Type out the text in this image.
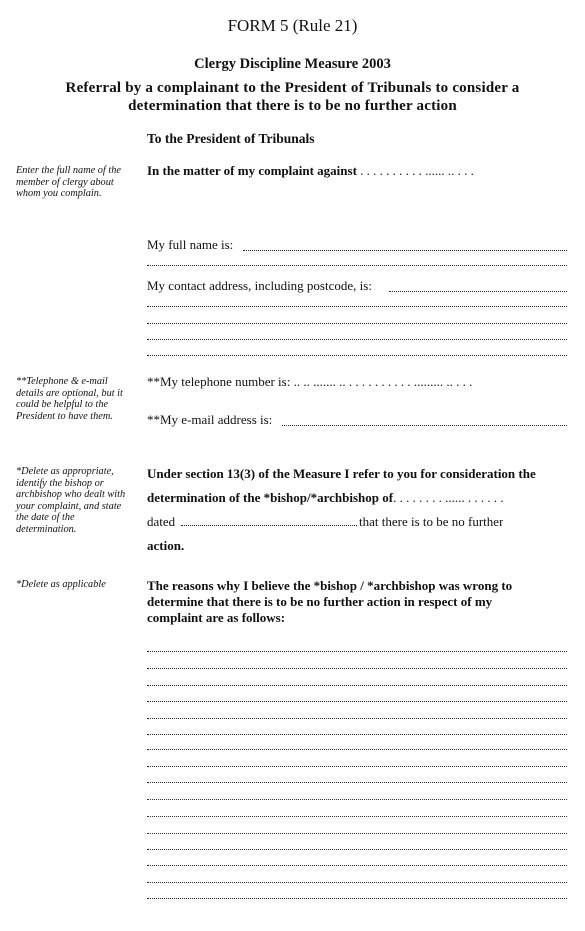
FORM 5 (Rule 21)
Clergy Discipline Measure 2003
Referral by a complainant to the President of Tribunals to consider a
determination that there is to be no further action
To the President of Tribunals
Enter the full name of the member of clergy about whom you complain.
**Telephone & e-mail details are optional, but it could be helpful to the President to have them.
*Delete as appropriate, identify the bishop or archbishop who dealt with your complaint, and state the date of the determination.
*Delete as applicable
In the matter of my complaint against . . . . . . . . . . ...... .. . . .
My full name is:
My contact address, including postcode, is:
**My telephone number is: .. .. ....... .. . . . . . . . . . . ......... .. . . .
**My e-mail address is:
Under section 13(3) of the Measure I refer to you for consideration the
determination of the *bishop/*archbishop of. . . . . . . . ...... . . . . . .
dated	that there is to be no further
action.
The reasons why I believe the *bishop / *archbishop was wrong to
determine that there is to be no further action in respect of my
complaint are as follows:
